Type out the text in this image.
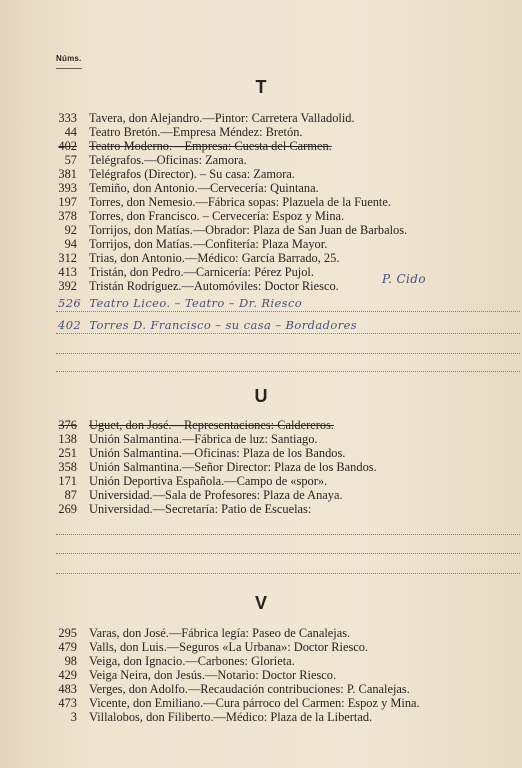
Núms.
T
333 Tavera, don Alejandro.—Pintor: Carretera Valladolid.
44 Teatro Bretón.—Empresa Méndez: Bretón.
402 Teatro Moderno.—Empresa: Cuesta del Carmen.
57 Telégrafos.—Oficinas: Zamora.
381 Telégrafos (Director). – Su casa: Zamora.
393 Temiño, don Antonio.—Cervecería: Quintana.
197 Torres, don Nemesio.—Fábrica sopas: Plazuela de la Fuente.
378 Torres, don Francisco. – Cervecería: Espoz y Mina.
92 Torrijos, don Matías.—Obrador: Plaza de San Juan de Barbalos.
94 Torrijos, don Matías.—Confitería: Plaza Mayor.
312 Trias, don Antonio.—Médico: García Barrado, 25.
413 Tristán, don Pedro.—Carnicería: Pérez Pujol.
392 Tristán Rodríguez.—Automóviles: Doctor Riesco.	P. Cido
526 Teatro Liceo. – Teatro – Dr. Riesco
402 Torres D. Francisco – su casa – Bordadores
U
376 Uguet, don José.—Representaciones: Caldereros.
138 Unión Salmantina.—Fábrica de luz: Santiago.
251 Unión Salmantina.—Oficinas: Plaza de los Bandos.
358 Unión Salmantina.—Señor Director: Plaza de los Bandos.
171 Unión Deportiva Española.—Campo de «spor».
87 Universidad.—Sala de Profesores: Plaza de Anaya.
269 Universidad.—Secretaría: Patio de Escuelas:
V
295 Varas, don José.—Fábrica legía: Paseo de Canalejas.
479 Valls, don Luis.—Seguros «La Urbana»: Doctor Riesco.
98 Veiga, don Ignacio.—Carbones: Glorieta.
429 Veiga Neira, don Jesús.—Notario: Doctor Riesco.
483 Verges, don Adolfo.—Recaudación contribuciones: P. Canalejas.
473 Vicente, don Emiliano.—Cura párroco del Carmen: Espoz y Mina.
3 Villalobos, don Filiberto.—Médico: Plaza de la Libertad.
